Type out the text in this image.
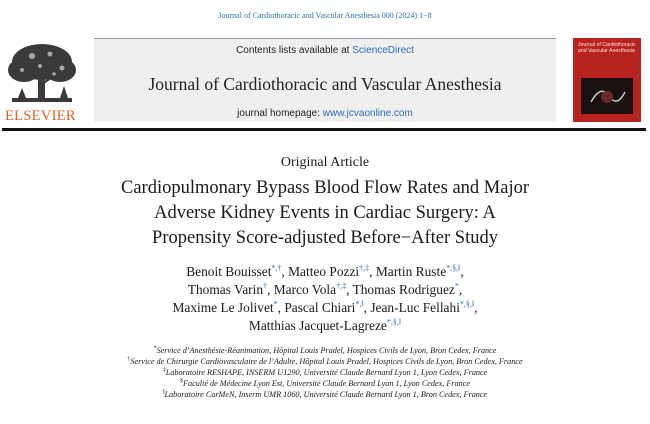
Journal of Cardiothoracic and Vascular Anesthesia 000 (2024) 1−8
ELSEVIER
Contents lists available at ScienceDirect
Journal of Cardiothoracic and Vascular Anesthesia
journal homepage: www.jcvaonline.com
Journal of Cardiothoracic and Vascular Anesthesia
Original Article
Cardiopulmonary Bypass Blood Flow Rates and Major
Adverse Kidney Events in Cardiac Surgery: A
Propensity Score-adjusted Before−After Study
Benoit Bouisset*,†, Matteo Pozzi†,‡, Martin Ruste*,§,‖,
Thomas Varin†, Marco Vola†,‡, Thomas Rodriguez*,
Maxime Le Jolivet*, Pascal Chiari*,‖, Jean-Luc Fellahi*,§,‖,
Matthias Jacquet-Lagreze*,§,‖
*Service d’Anesthésie-Réanimation, Hôpital Louis Pradel, Hospices Civils de Lyon, Bron Cedex, France
†Service de Chirurgie Cardiovasculaire de l’Adulte, Hôpital Louis Pradel, Hospices Civils de Lyon, Bron Cedex, France
‡Laboratoire RESHAPE, INSERM U1290, Université Claude Bernard Lyon 1, Lyon Cedex, France
§Faculté de Médecine Lyon Est, Université Claude Bernard Lyon 1, Lyon Cedex, France
‖Laboratoire CarMeN, Inserm UMR 1060, Université Claude Bernard Lyon 1, Bron Cedex, France
